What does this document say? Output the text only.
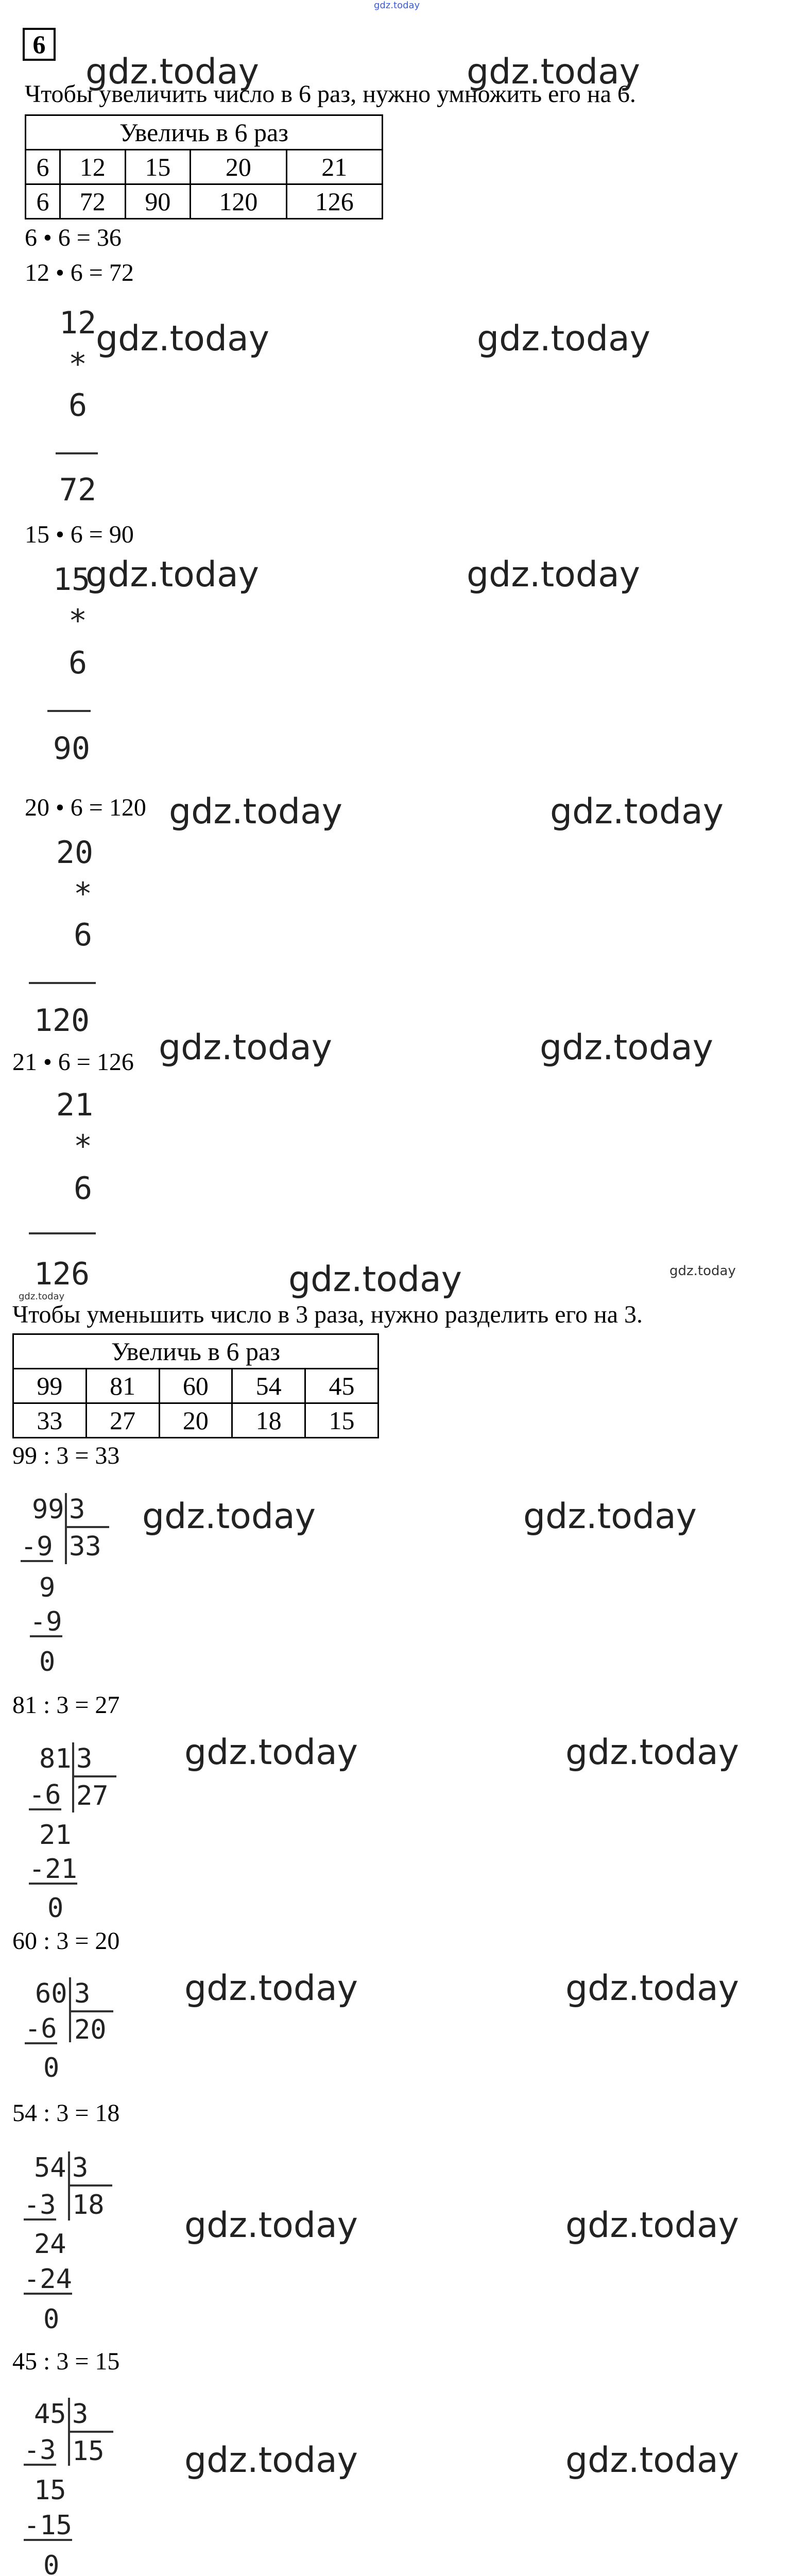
gdz.today
6
Чтобы увеличить число в 6 раз, нужно умножить его на 6.
Увеличь в 6 раз				
6	12	15	20	21
6	72	90	120	126
6 • 6 = 36
12 • 6 = 72
12
*
6
72
15 • 6 = 90
15
*
6
90
20 • 6 = 120
20
*
6
120
21 • 6 = 126
21
*
6
126
Чтобы уменьшить число в 3 раза, нужно разделить его на 3.
Увеличь в 6 раз				
99	81	60	54	45
33	27	20	18	15
99 : 3 = 33
99 3
33
-9
9
-9
0
81 : 3 = 27
81 3
27
-6
21
-21
0
60 : 3 = 20
60 3
20
-6
0
54 : 3 = 18
54 3
18
-3
24
-24
0
45 : 3 = 15
45 3
15
-3
15
-15
0
gdz.today	gdz.today
gdz.today	gdz.today
gdz.today	gdz.today
gdz.today	gdz.today
gdz.today	gdz.today
gdz.today	gdz.today
gdz.today
gdz.today	gdz.today
gdz.today	gdz.today
gdz.today	gdz.today
gdz.today	gdz.today
gdz.today	gdz.today
